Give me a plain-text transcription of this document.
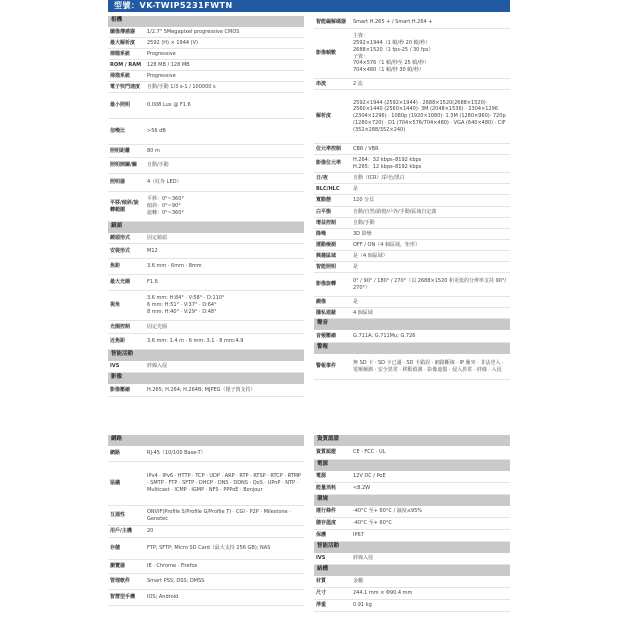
型號：VK-TWIP5231FWTN
相機
圖像傳感器	1/2.7" 5Megapixel progressive CMOS
最大解析度	2592 (H) × 1944 (V)
掃瞄系統	Progressive
ROM / RAM	128 MB / 128 MB
掃描系統	Progressive
電子快門速度	自動/手動 1/3 s-1 / 100000 s
最小照明	0.008 Lux @ F1.6
信噪比	>56 dB
照明距離	80 m
照明開關/關	自動/手動
照明器	4（紅外 LED）
平移/傾斜/旋轉範圍
平移：0°~360°
傾斜：0°~90°
旋轉：0°~360°
鏡頭
鏡頭形式	固定鏡頭
安裝形式	M12
焦距	3.6 mm · 6mm · 8mm
最大光圈	F1.6
視角
3.6 mm: H:84° · V:58° · D:110°
6 mm: H:51° · V:37° · D:64°
8 mm: H:40° · V:29° · D:48°
光圈控制	固定光圈
近焦距	3.6 mm: 1.4 m · 6 mm: 3.1 · 8 mm:4.9
智能活動
IVS	絆線入侵
影像
影像壓縮	H.265; H.264; H.264B; MJPEG（僅子資支持）
智能編解碼器	Smart H.265 + / Smart H.264 +
影像幀數
主資：
2592×1944（1 幀/秒 20 幀/秒）
2688×1520（1 fps-25 / 30 fps）
子資：
704×576（1 幀/秒至 25 幀/秒）
704×480（1 幀/秒 30 幀/秒）
串流	2 流
解析度
2592×1944 (2592×1944) · 2688×1520(2688×1520)· 2560×1440 (2560×1440)· 3M (2048×1536) · 2304×1296 (2304×1296) · 1080p (1920×1080)· 1.3M (1280×960)· 720p (1280×720) · D1 (704×576/704×480) · VGA (640×480) · CIF (352×288/352×240)
位元率控制	CBR / VBR
影像位元率
H.264：32 kbps–8192 kbps
H.265：12 kbps–8192 kbps
日/夜	自動（ICR）/彩色/黑白
BLC/HLC	是
寬動態	120 分貝
白平衡	自動/自然/路燈/戶外/手動/區域自定義
增益控制	自動/手動
降噪	3D 降噪
運動檢測	OFF / ON（4 個區域，矩形）
興趣區域	是（4 個區域）
智能照明	是
影像旋轉
0° / 90° / 180° / 270°（以 2688×1520 和更低的分辨率支持 90°/ 270°）
鏡像	是
隱私遮蔽	4 個區域
聲音
音頻壓縮	G.711A; G.711Mu; G.726
警報
警報事件
無 SD 卡 · SD 卡已滿 · SD 卡錯誤 · 網路斷線 · IP 衝突 · 非法登入 · 電壓檢測 · 安全異常 · 移動偵測 · 影像遮擋 · 侵入異常 · 絆線 · 入侵
網路
網路	RJ-45（10/100 Base-T）
協議
IPv4 · IPv6 · HTTP · TCP · UDP · ARP · RTP · RTSP · RTCP · RTMP · SMTP · FTP · SFTP · DHCP · DNS · DDNS · QoS · UPnP · NTP · Multicast · ICMP · IGMP · NFS · PPPoE · Bonjour
互通性
ONVIF(Profile S/Profile G/Profile T) · CGI · P2P · Milestone · Genetec
用戶/主機	20
存儲	FTP; SFTP; Micro SD Card（最大支持 256 GB); NAS
瀏覽器	IE · Chrome · Firefox
管理軟件	Smart PSS; DSS; DMSS
智慧型手機	IOS; Android
資質認證
資質認證	CE · FCC · UL
電源
電源	12V DC / PoE
能量消耗	<8.2W
環境
運行條件	-40°C 至+ 60°C / 濕度≤95%
儲存溫度	-40°C 至+ 60°C
保護	IP67
智能活動
IVS	絆線入侵
結構
材質	金屬
尺寸	244.1 mm × Φ90.4 mm
淨重	0.91 kg
